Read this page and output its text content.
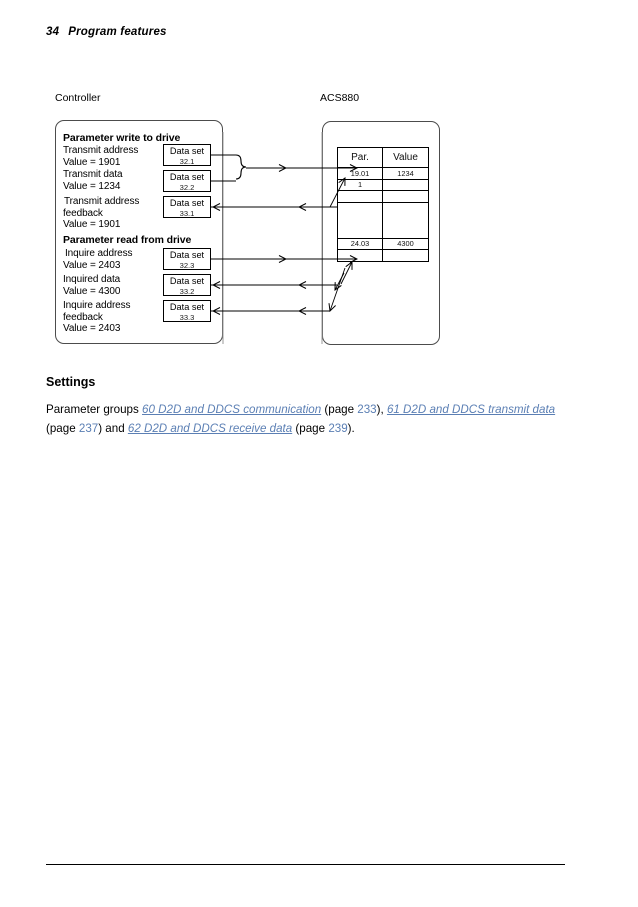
34 Program features
Controller	ACS880
Parameter write to drive
Parameter read from drive
Transmit address
Value = 1901
Transmit data
Value = 1234
Transmit address
feedback
Value = 1901
Inquire address
Value = 2403
Inquired data
Value = 4300
Inquire address
feedback
Value = 2403
Data set
32.1
Data set
32.2
Data set
33.1
Data set
32.3
Data set
33.2
Data set
33.3
Par.	Value
19.01	1234
1	

24.03	4300

Settings
Parameter groups 60 D2D and DDCS communication (page 233), 61 D2D and DDCS transmit data (page 237) and 62 D2D and DDCS receive data (page 239).
